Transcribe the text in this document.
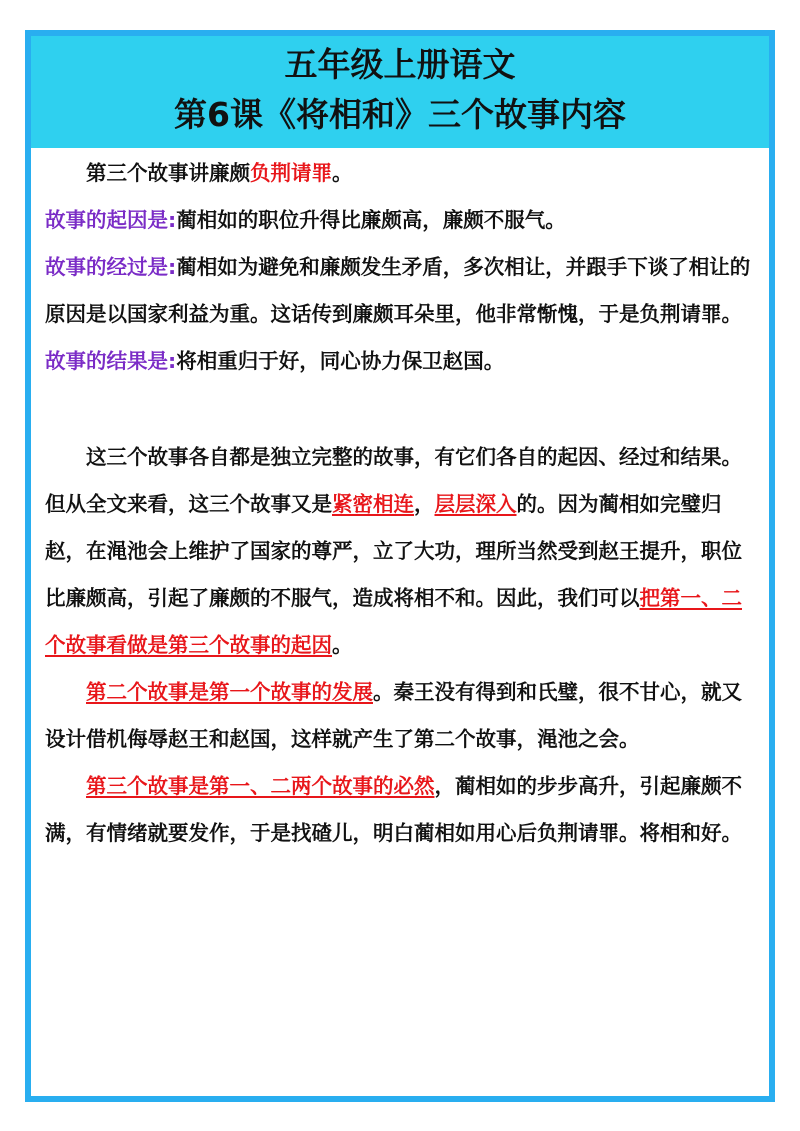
五年级上册语文
第6课《将相和》三个故事内容

第三个故事讲廉颇负荆请罪。

故事的起因是:蔺相如的职位升得比廉颇高，廉颇不服气。

故事的经过是:蔺相如为避免和廉颇发生矛盾，多次相让，并跟手下谈了相让的原因是以国家利益为重。这话传到廉颇耳朵里，他非常惭愧，于是负荆请罪。

故事的结果是:将相重归于好，同心协力保卫赵国。

这三个故事各自都是独立完整的故事，有它们各自的起因、经过和结果。但从全文来看，这三个故事又是紧密相连，层层深入的。因为蔺相如完璧归赵，在渑池会上维护了国家的尊严，立了大功，理所当然受到赵王提升，职位比廉颇高，引起了廉颇的不服气，造成将相不和。因此，我们可以把第一、二个故事看做是第三个故事的起因。

第二个故事是第一个故事的发展。秦王没有得到和氏璧，很不甘心，就又设计借机侮辱赵王和赵国，这样就产生了第二个故事，渑池之会。

第三个故事是第一、二两个故事的必然，蔺相如的步步高升，引起廉颇不满，有情绪就要发作，于是找碴儿，明白蔺相如用心后负荆请罪。将相和好。
